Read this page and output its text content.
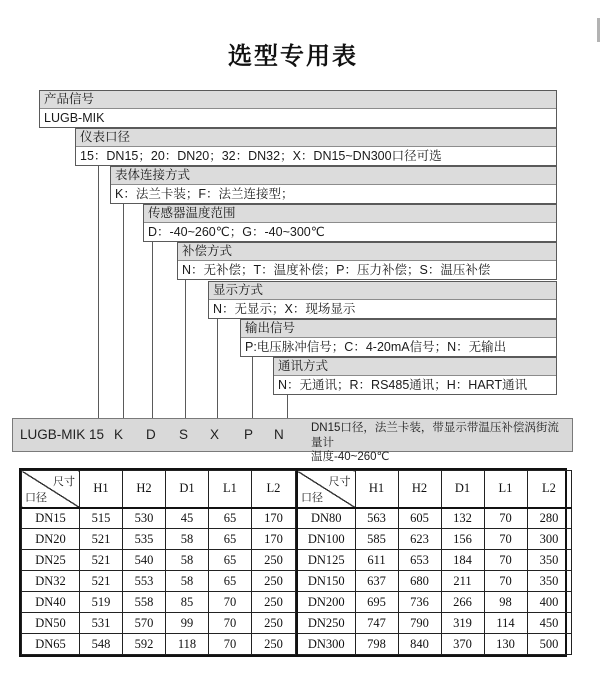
选型专用表
产品信号
LUGB-MIK
仪表口径
15：DN15；20：DN20；32：DN32；X：DN15~DN300口径可选
表体连接方式
K：法兰卡装；F：法兰连接型；
传感器温度范围
D：-40~260℃；G：-40~300℃
补偿方式
N：无补偿；T：温度补偿；P：压力补偿；S：温压补偿
显示方式
N：无显示；X：现场显示
输出信号
P:电压脉冲信号；C：4-20mA信号；N：无输出
通讯方式
N：无通讯；R：RS485通讯；H：HART通讯
LUGB-MIK 15 K D S X P N DN15口径，法兰卡装，带显示带温压补偿涡街流量计
温度-40~260℃
尺寸
口径	H1	H2	D1	L1	L2
DN15	515	530	45	65	170
DN20	521	535	58	65	170
DN25	521	540	58	65	250
DN32	521	553	58	65	250
DN40	519	558	85	70	250
DN50	531	570	99	70	250
DN65	548	592	118	70	250
尺寸
口径	H1	H2	D1	L1	L2
DN80	563	605	132	70	280
DN100	585	623	156	70	300
DN125	611	653	184	70	350
DN150	637	680	211	70	350
DN200	695	736	266	98	400
DN250	747	790	319	114	450
DN300	798	840	370	130	500
